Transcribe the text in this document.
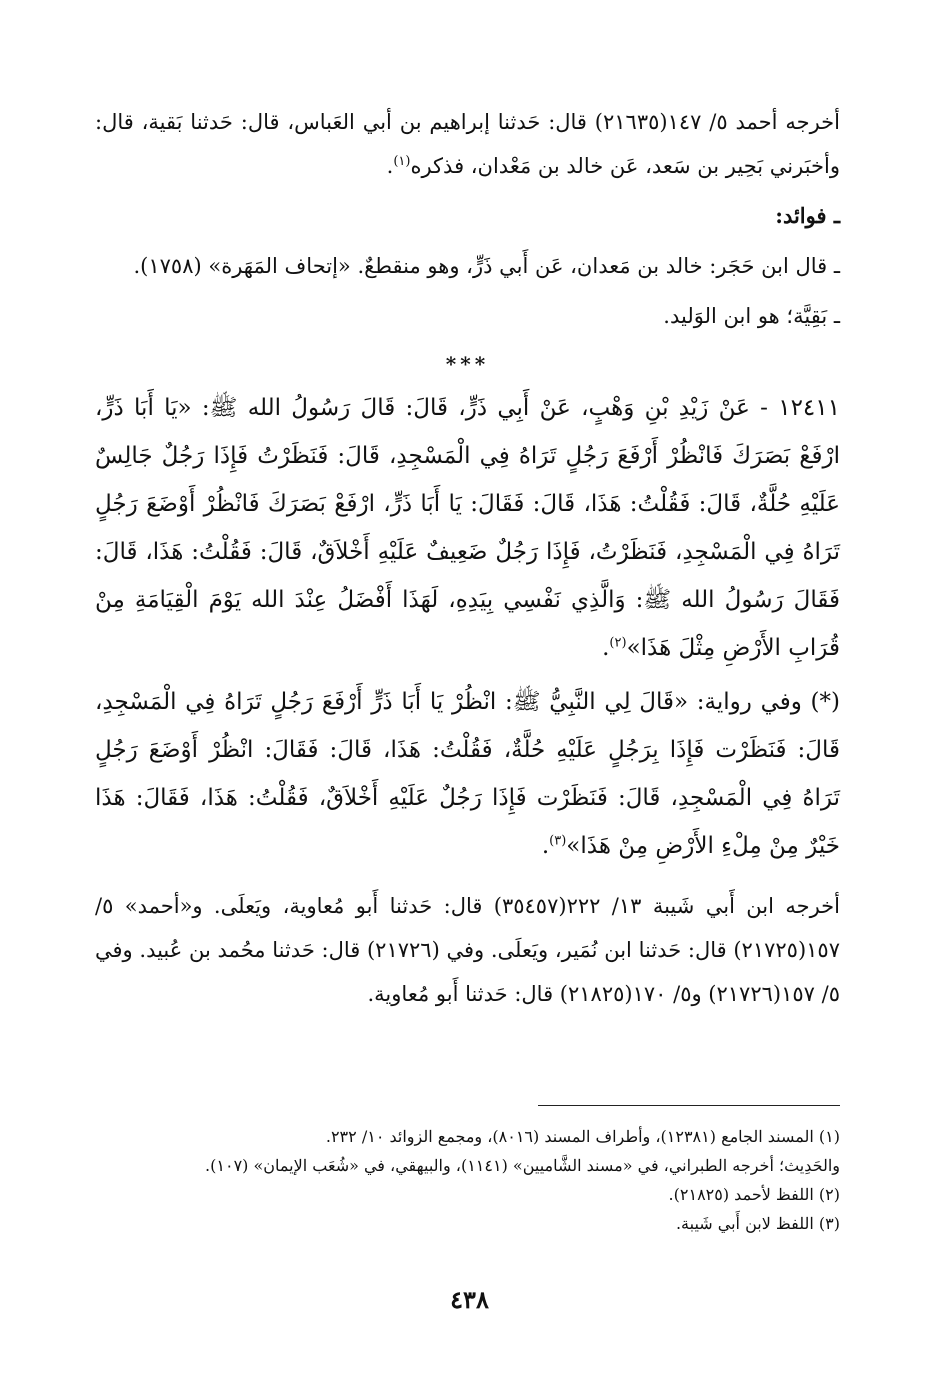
أخرجه أحمد ٥/ ١٤٧(٢١٦٣٥) قال: حَدثنا إبراهيم بن أبي العَباس، قال: حَدثنا بَقية، قال: وأخبَرني بَحِير بن سَعد، عَن خالد بن مَعْدان، فذكره$^{(١)}$.

ـ فوائد:

ـ قال ابن حَجَر: خالد بن مَعدان، عَن أَبي ذَرٍّ، وهو منقطعٌ. «إتحاف المَهَرة» (١٧٥٨).

ـ بَقِيَّة؛ هو ابن الوَليد.

***

١٢٤١١ - عَنْ زَيْدِ بْنِ وَهْبٍ، عَنْ أَبِي ذَرٍّ، قَالَ: قَالَ رَسُولُ الله ﷺ: «يَا أَبَا ذَرٍّ، ارْفَعْ بَصَرَكَ فَانْظُرْ أَرْفَعَ رَجُلٍ تَرَاهُ فِي الْمَسْجِدِ، قَالَ: فَنَظَرْتُ فَإِذَا رَجُلٌ جَالِسٌ عَلَيْهِ حُلَّةٌ، قَالَ: فَقُلْتُ: هَذَا، قَالَ: فَقَالَ: يَا أَبَا ذَرٍّ، ارْفَعْ بَصَرَكَ فَانْظُرْ أَوْضَعَ رَجُلٍ تَرَاهُ فِي الْمَسْجِدِ، فَنَظَرْتُ، فَإِذَا رَجُلٌ ضَعِيفٌ عَلَيْهِ أَخْلاَقٌ، قَالَ: فَقُلْتُ: هَذَا، قَالَ: فَقَالَ رَسُولُ الله ﷺ: وَالَّذِي نَفْسِي بِيَدِهِ، لَهَذَا أَفْضَلُ عِنْدَ الله يَوْمَ الْقِيَامَةِ مِنْ قُرَابِ الأَرْضِ مِثْلَ هَذَا»$^{(٢)}$.

(*) وفي رواية: «قَالَ لِي النَّبِيُّ ﷺ: انْظُرْ يَا أَبَا ذَرٍّ أَرْفَعَ رَجُلٍ تَرَاهُ فِي الْمَسْجِدِ، قَالَ: فَنَظَرْت فَإِذَا بِرَجُلٍ عَلَيْهِ حُلَّةٌ، فَقُلْتُ: هَذَا، قَالَ: فَقَالَ: انْظُرْ أَوْضَعَ رَجُلٍ تَرَاهُ فِي الْمَسْجِدِ، قَالَ: فَنَظَرْت فَإِذَا رَجُلٌ عَلَيْهِ أَخْلاَقٌ، فَقُلْتُ: هَذَا، فَقَالَ: هَذَا خَيْرٌ مِنْ مِلْءِ الأَرْضِ مِنْ هَذَا»$^{(٣)}$.

أخرجه ابن أَبي شَيبة ١٣/ ٢٢٢(٣٥٤٥٧) قال: حَدثنا أَبو مُعاوية، ويَعلَى. و«أحمد» ٥/ ١٥٧(٢١٧٢٥) قال: حَدثنا ابن نُمَير، ويَعلَى. وفي (٢١٧٢٦) قال: حَدثنا محُمد بن عُبيد. وفي ٥/ ١٥٧(٢١٧٢٦) و٥/ ١٧٠(٢١٨٢٥) قال: حَدثنا أَبو مُعاوية.

(١) المسند الجامع (١٢٣٨١)، وأطراف المسند (٨٠١٦)، ومجمع الزوائد ١٠/ ٢٣٢.

والحَدِيث؛ أخرجه الطبراني، في «مسند الشَّاميين» (١١٤١)، والبيهقي، في «شُعَب الإيمان» (١٠٧).

(٢) اللفظ لأحمد (٢١٨٢٥).

(٣) اللفظ لابن أَبي شَيبة.

٤٣٨
